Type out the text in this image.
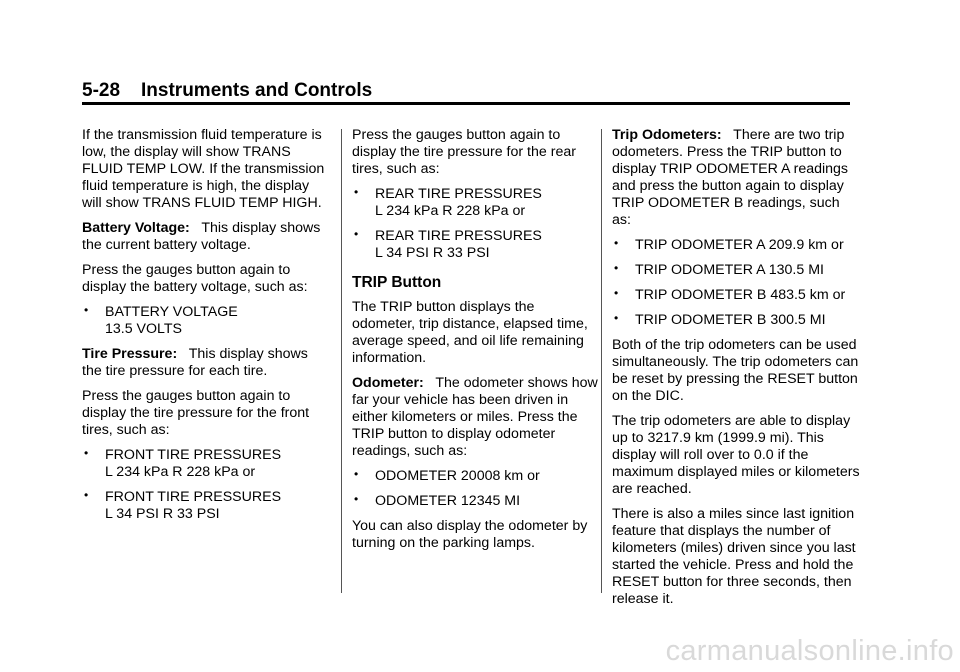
5-28 Instruments and Controls

If the transmission fluid temperature is low, the display will show TRANS FLUID TEMP LOW. If the transmission fluid temperature is high, the display will show TRANS FLUID TEMP HIGH.

Battery Voltage: This display shows the current battery voltage.

Press the gauges button again to display the battery voltage, such as:

• BATTERY VOLTAGE
13.5 VOLTS

Tire Pressure: This display shows the tire pressure for each tire.

Press the gauges button again to display the tire pressure for the front tires, such as:

• FRONT TIRE PRESSURES
L 234 kPa R 228 kPa or
• FRONT TIRE PRESSURES
L 34 PSI R 33 PSI

Press the gauges button again to display the tire pressure for the rear tires, such as:

• REAR TIRE PRESSURES
L 234 kPa R 228 kPa or
• REAR TIRE PRESSURES
L 34 PSI R 33 PSI
TRIP Button

The TRIP button displays the odometer, trip distance, elapsed time, average speed, and oil life remaining information.

Odometer: The odometer shows how far your vehicle has been driven in either kilometers or miles. Press the TRIP button to display odometer readings, such as:

• ODOMETER 20008 km or
• ODOMETER 12345 MI

You can also display the odometer by turning on the parking lamps.

Trip Odometers: There are two trip odometers. Press the TRIP button to display TRIP ODOMETER A readings and press the button again to display TRIP ODOMETER B readings, such as:

• TRIP ODOMETER A 209.9 km or
• TRIP ODOMETER A 130.5 MI
• TRIP ODOMETER B 483.5 km or
• TRIP ODOMETER B 300.5 MI

Both of the trip odometers can be used simultaneously. The trip odometers can be reset by pressing the RESET button on the DIC.

The trip odometers are able to display up to 3217.9 km (1999.9 mi). This display will roll over to 0.0 if the maximum displayed miles or kilometers are reached.

There is also a miles since last ignition feature that displays the number of kilometers (miles) driven since you last started the vehicle. Press and hold the RESET button for three seconds, then release it.

carmanualsonline.info
